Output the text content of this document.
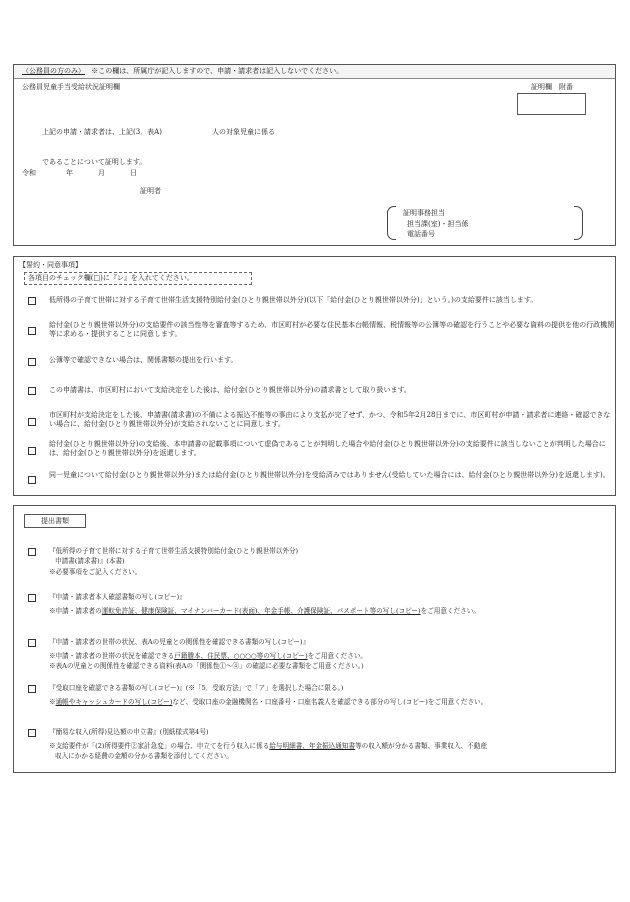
（公務員の方のみ） ※この欄は、所属庁が記入しますので、申請・請求者は記入しないでください。
公務員児童手当受給状況証明欄	証明欄　附番
上記の申請・請求者は、上記(3．表A)	人の対象児童に係る
であることについて証明します。
令和	年	月	日
証明者
証明事務担当
担当課(室)・担当係
電話番号
【誓約・同意事項】
各項目のチェック欄(□)に『レ』を入れてください。
低所得の子育て世帯に対する子育て世帯生活支援特別給付金(ひとり親世帯以外分)(以下「給付金(ひとり親世帯以外分)」という。)の支給要件に該当します。
給付金(ひとり親世帯以外分)の支給要件の該当性等を審査等するため、市区町村が必要な住民基本台帳情報、税情報等の公簿等の確認を行うことや必要な資料の提供を他の行政機関等に求める・提供することに同意します。
公簿等で確認できない場合は、関係書類の提出を行います。
この申請書は、市区町村において支給決定をした後は、給付金(ひとり親世帯以外分)の請求書として取り扱います。
市区町村が支給決定をした後、申請書(請求書)の不備による振込不能等の事由により支払が完了せず、かつ、令和5年2月28日までに、市区町村が申請・請求者に連絡・確認できない場合に、給付金(ひとり親世帯以外分)が支給されないことに同意します。
給付金(ひとり親世帯以外分)の支給後、本申請書の記載事項について虚偽であることが判明した場合や給付金(ひとり親世帯以外分)の支給要件に該当しないことが判明した場合には、給付金(ひとり親世帯以外分)を返還します。
同一児童について給付金(ひとり親世帯以外分)または給付金(ひとり親世帯以外分)を受給済みではありません(受給していた場合には、給付金(ひとり親世帯以外分)を返還します)。
提出書類
『低所得の子育て世帯に対する子育て世帯生活支援特別給付金(ひとり親世帯以外分)
申請書(請求書)』(本書)
※必要事項をご記入ください。
『申請・請求者本人確認書類の写し(コピー)』
※申請・請求者の運転免許証、健康保険証、マイナンバーカード(表面)、年金手帳、介護保険証、パスポート等の写し(コピー)をご用意ください。
『申請・請求者の世帯の状況、表Aの児童との関係性を確認できる書類の写し(コピー)』
※申請・請求者の世帯の状況を確認できる戸籍謄本、住民票、○○○○等の写し(コピー)をご用意ください。
※表Aの児童との関係性を確認できる資料(表Aの「関係性①～④」の確認に必要な書類をご用意ください。)
『受取口座を確認できる書類の写し(コピー)』(※「5．受取方法」で「ア」を選択した場合に限る。)
※通帳やキャッシュカードの写し(コピー)など、受取口座の金融機関名・口座番号・口座名義人を確認できる部分の写し(コピー)をご用意ください。
『簡易な収入(所得)見込額の申立書』(別紙様式第4号)
※支給要件が「(2)所得要件②家計急変」の場合、申立てを行う収入に係る給与明細書、年金振込通知書等の収入額が分かる書類、事業収入、不動産
収入にかかる経費の金額の分かる書類を添付してください。
